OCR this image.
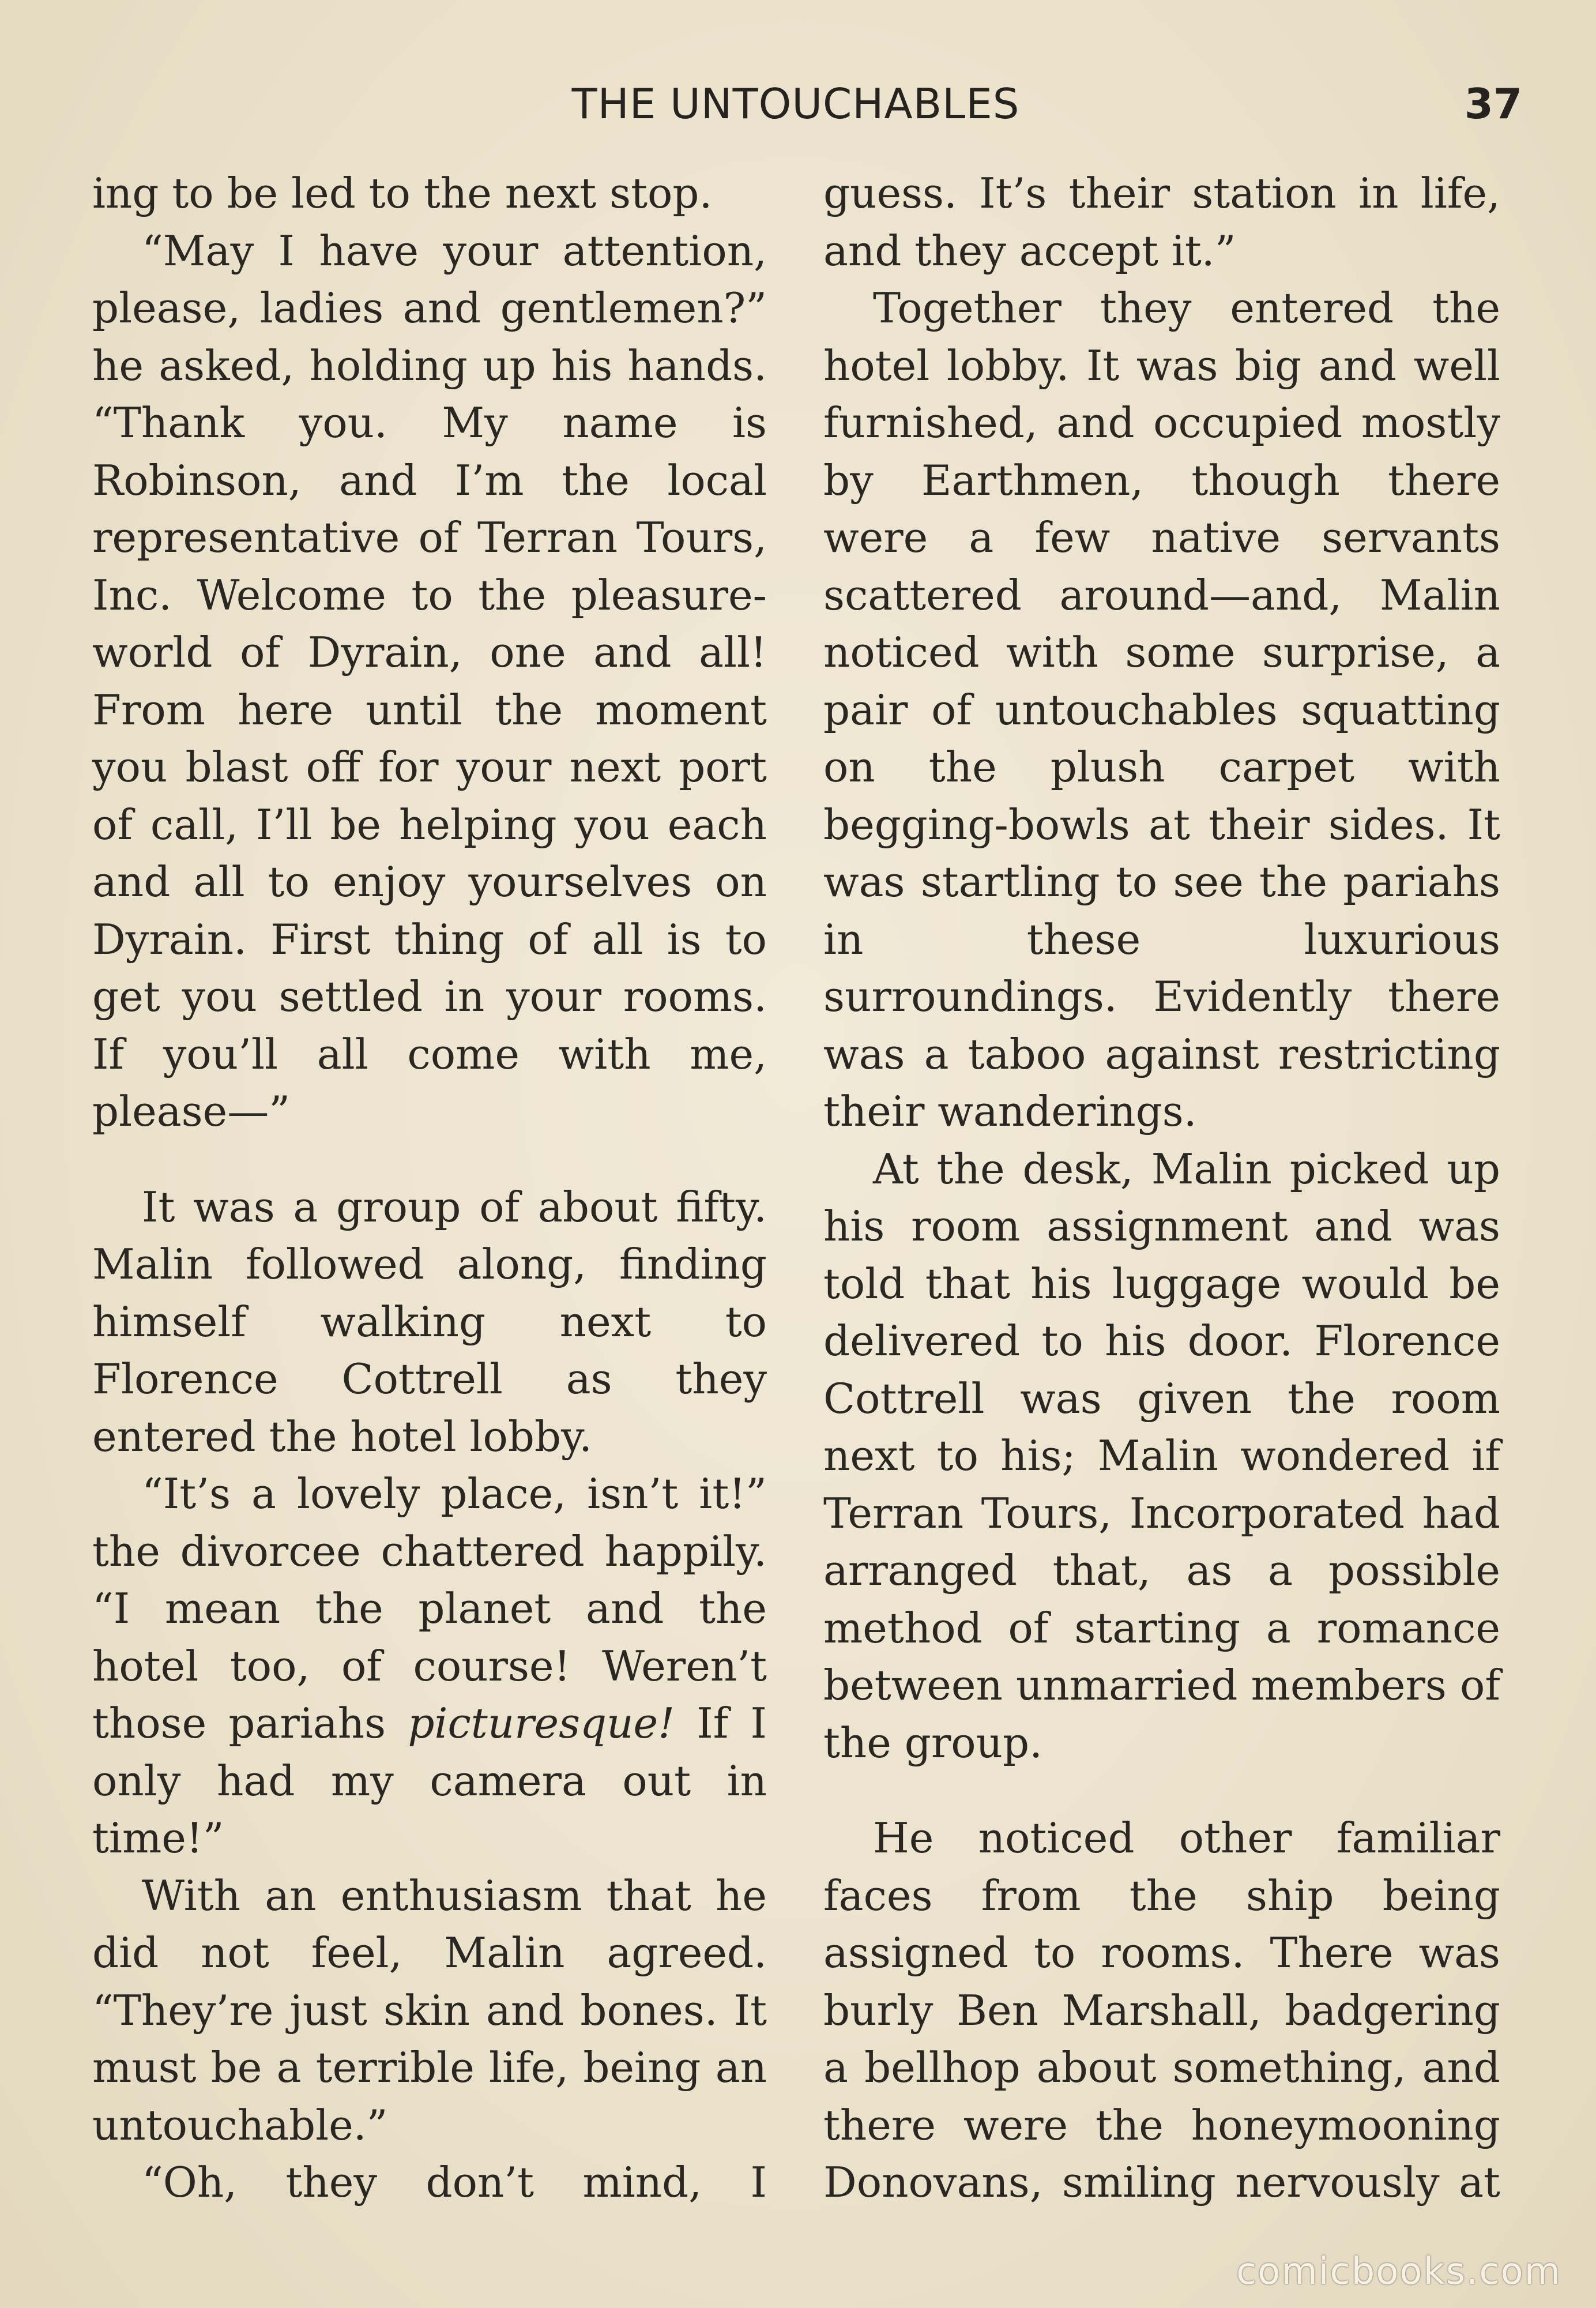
THE UNTOUCHABLES	37

ing to be led to the next stop.

“May I have your attention, please, ladies and gentlemen?” he asked, holding up his hands. “Thank you. My name is Robinson, and I’m the local representative of Terran Tours, Inc. Welcome to the pleasure-world of Dyrain, one and all! From here until the moment you blast off for your next port of call, I’ll be helping you each and all to enjoy yourselves on Dyrain. First thing of all is to get you settled in your rooms. If you’ll all come with me, please—”

It was a group of about fifty. Malin followed along, finding himself walking next to Florence Cottrell as they entered the hotel lobby.

“It’s a lovely place, isn’t it!” the divorcee chattered happily. “I mean the planet and the hotel too, of course! Weren’t those pariahs picturesque! If I only had my camera out in time!”

With an enthusiasm that he did not feel, Malin agreed. “They’re just skin and bones. It must be a terrible life, being an untouchable.”

“Oh, they don’t mind, I

guess. It’s their station in life, and they accept it.”

Together they entered the hotel lobby. It was big and well furnished, and occupied mostly by Earthmen, though there were a few native servants scattered around—and, Malin noticed with some surprise, a pair of untouchables squatting on the plush carpet with begging-bowls at their sides. It was startling to see the pariahs in these luxurious surroundings. Evidently there was a taboo against restricting their wanderings.

At the desk, Malin picked up his room assignment and was told that his luggage would be delivered to his door. Florence Cottrell was given the room next to his; Malin wondered if Terran Tours, Incorporated had arranged that, as a possible method of starting a romance between unmarried members of the group.

He noticed other familiar faces from the ship being assigned to rooms. There was burly Ben Marshall, badgering a bellhop about something, and there were the honeymooning Donovans, smiling nervously at

comicbooks.com
